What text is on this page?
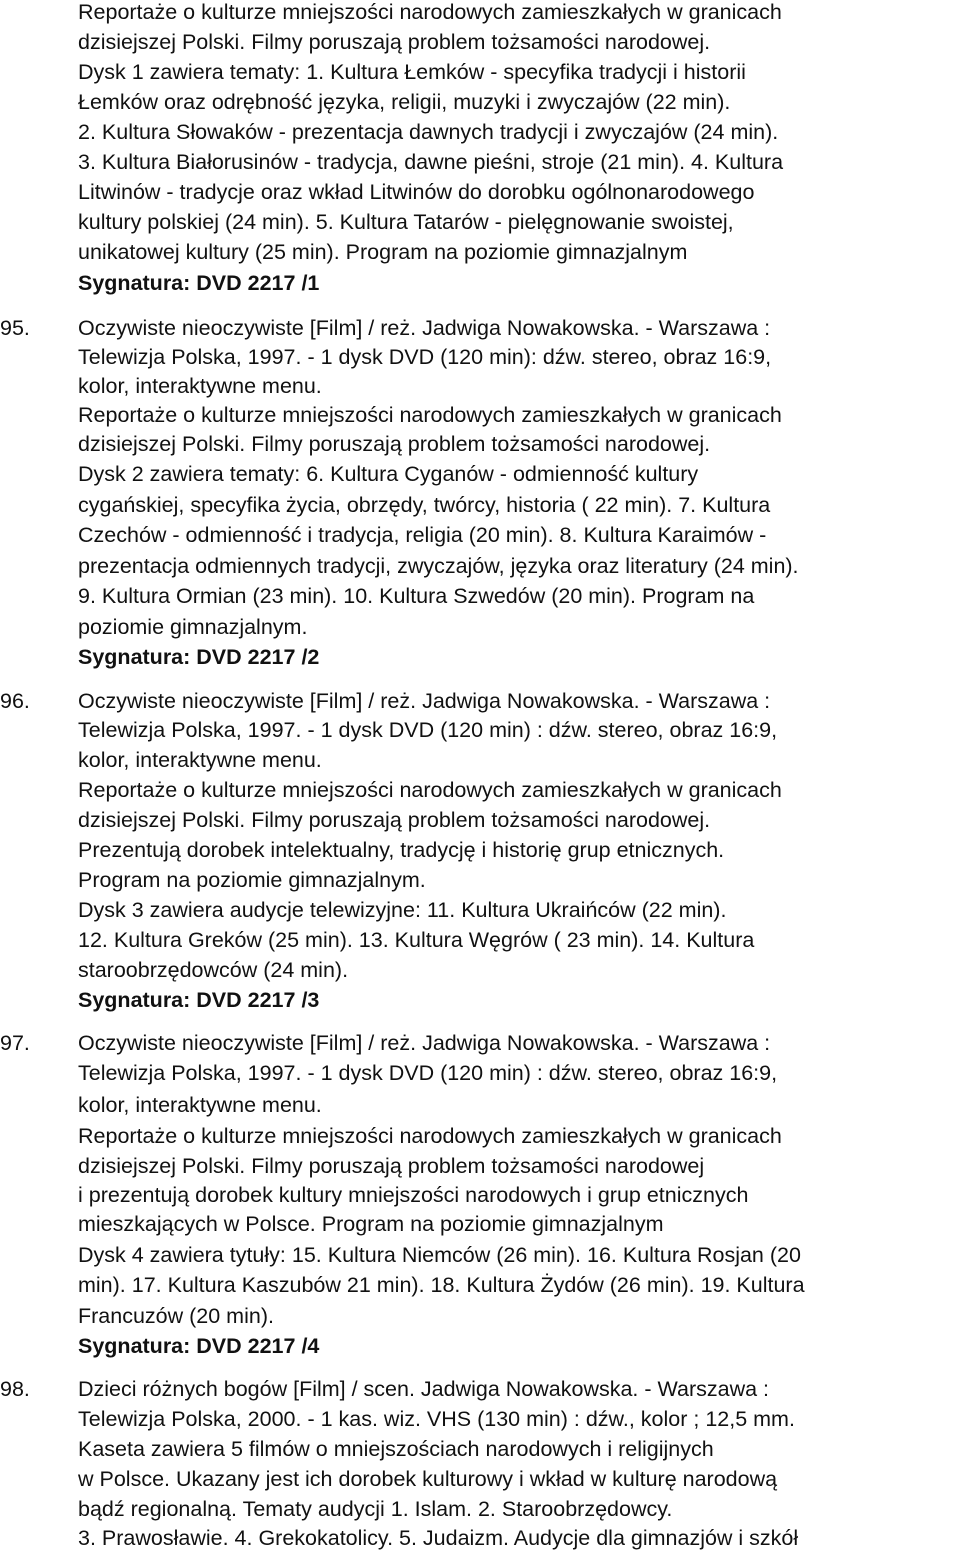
Reportaże o kulturze mniejszości narodowych zamieszkałych w granicach
dzisiejszej Polski. Filmy poruszają problem tożsamości narodowej.
Dysk 1 zawiera tematy: 1. Kultura Łemków - specyfika tradycji i historii
Łemków oraz odrębność języka, religii, muzyki i zwyczajów (22 min).
2. Kultura Słowaków - prezentacja dawnych tradycji i zwyczajów (24 min).
3. Kultura Białorusinów - tradycja, dawne pieśni, stroje (21 min). 4. Kultura
Litwinów - tradycje oraz wkład Litwinów do dorobku ogólnonarodowego
kultury polskiej (24 min). 5. Kultura Tatarów - pielęgnowanie swoistej,
unikatowej kultury (25 min). Program na poziomie gimnazjalnym
Sygnatura: DVD 2217 /1
95. Oczywiste nieoczywiste [Film] / reż. Jadwiga Nowakowska. - Warszawa :
Telewizja Polska, 1997. - 1 dysk DVD (120 min): dźw. stereo, obraz 16:9,
kolor, interaktywne menu.
Reportaże o kulturze mniejszości narodowych zamieszkałych w granicach
dzisiejszej Polski. Filmy poruszają problem tożsamości narodowej.
Dysk 2 zawiera tematy: 6. Kultura Cyganów - odmienność kultury
cygańskiej, specyfika życia, obrzędy, twórcy, historia ( 22 min). 7. Kultura
Czechów - odmienność i tradycja, religia (20 min). 8. Kultura Karaimów -
prezentacja odmiennych tradycji, zwyczajów, języka oraz literatury (24 min).
9. Kultura Ormian (23 min). 10. Kultura Szwedów (20 min). Program na
poziomie gimnazjalnym.
Sygnatura: DVD 2217 /2
96. Oczywiste nieoczywiste [Film] / reż. Jadwiga Nowakowska. - Warszawa :
Telewizja Polska, 1997. - 1 dysk DVD (120 min) : dźw. stereo, obraz 16:9,
kolor, interaktywne menu.
Reportaże o kulturze mniejszości narodowych zamieszkałych w granicach
dzisiejszej Polski. Filmy poruszają problem tożsamości narodowej.
Prezentują dorobek intelektualny, tradycję i historię grup etnicznych.
Program na poziomie gimnazjalnym.
Dysk 3 zawiera audycje telewizyjne: 11. Kultura Ukraińców (22 min).
12. Kultura Greków (25 min). 13. Kultura Węgrów ( 23 min). 14. Kultura
staroobrzędowców (24 min).
Sygnatura: DVD 2217 /3
97. Oczywiste nieoczywiste [Film] / reż. Jadwiga Nowakowska. - Warszawa :
Telewizja Polska, 1997. - 1 dysk DVD (120 min) : dźw. stereo, obraz 16:9,
kolor, interaktywne menu.
Reportaże o kulturze mniejszości narodowych zamieszkałych w granicach
dzisiejszej Polski. Filmy poruszają problem tożsamości narodowej
i prezentują dorobek kultury mniejszości narodowych i grup etnicznych
mieszkających w Polsce. Program na poziomie gimnazjalnym
Dysk 4 zawiera tytuły: 15. Kultura Niemców (26 min). 16. Kultura Rosjan (20
min). 17. Kultura Kaszubów 21 min). 18. Kultura Żydów (26 min). 19. Kultura
Francuzów (20 min).
Sygnatura: DVD 2217 /4
98. Dzieci różnych bogów [Film] / scen. Jadwiga Nowakowska. - Warszawa :
Telewizja Polska, 2000. - 1 kas. wiz. VHS (130 min) : dźw., kolor ; 12,5 mm.
Kaseta zawiera 5 filmów o mniejszościach narodowych i religijnych
w Polsce. Ukazany jest ich dorobek kulturowy i wkład w kulturę narodową
bądź regionalną. Tematy audycji 1. Islam. 2. Staroobrzędowcy.
3. Prawosławie. 4. Grekokatolicy. 5. Judaizm. Audycje dla gimnazjów i szkół
